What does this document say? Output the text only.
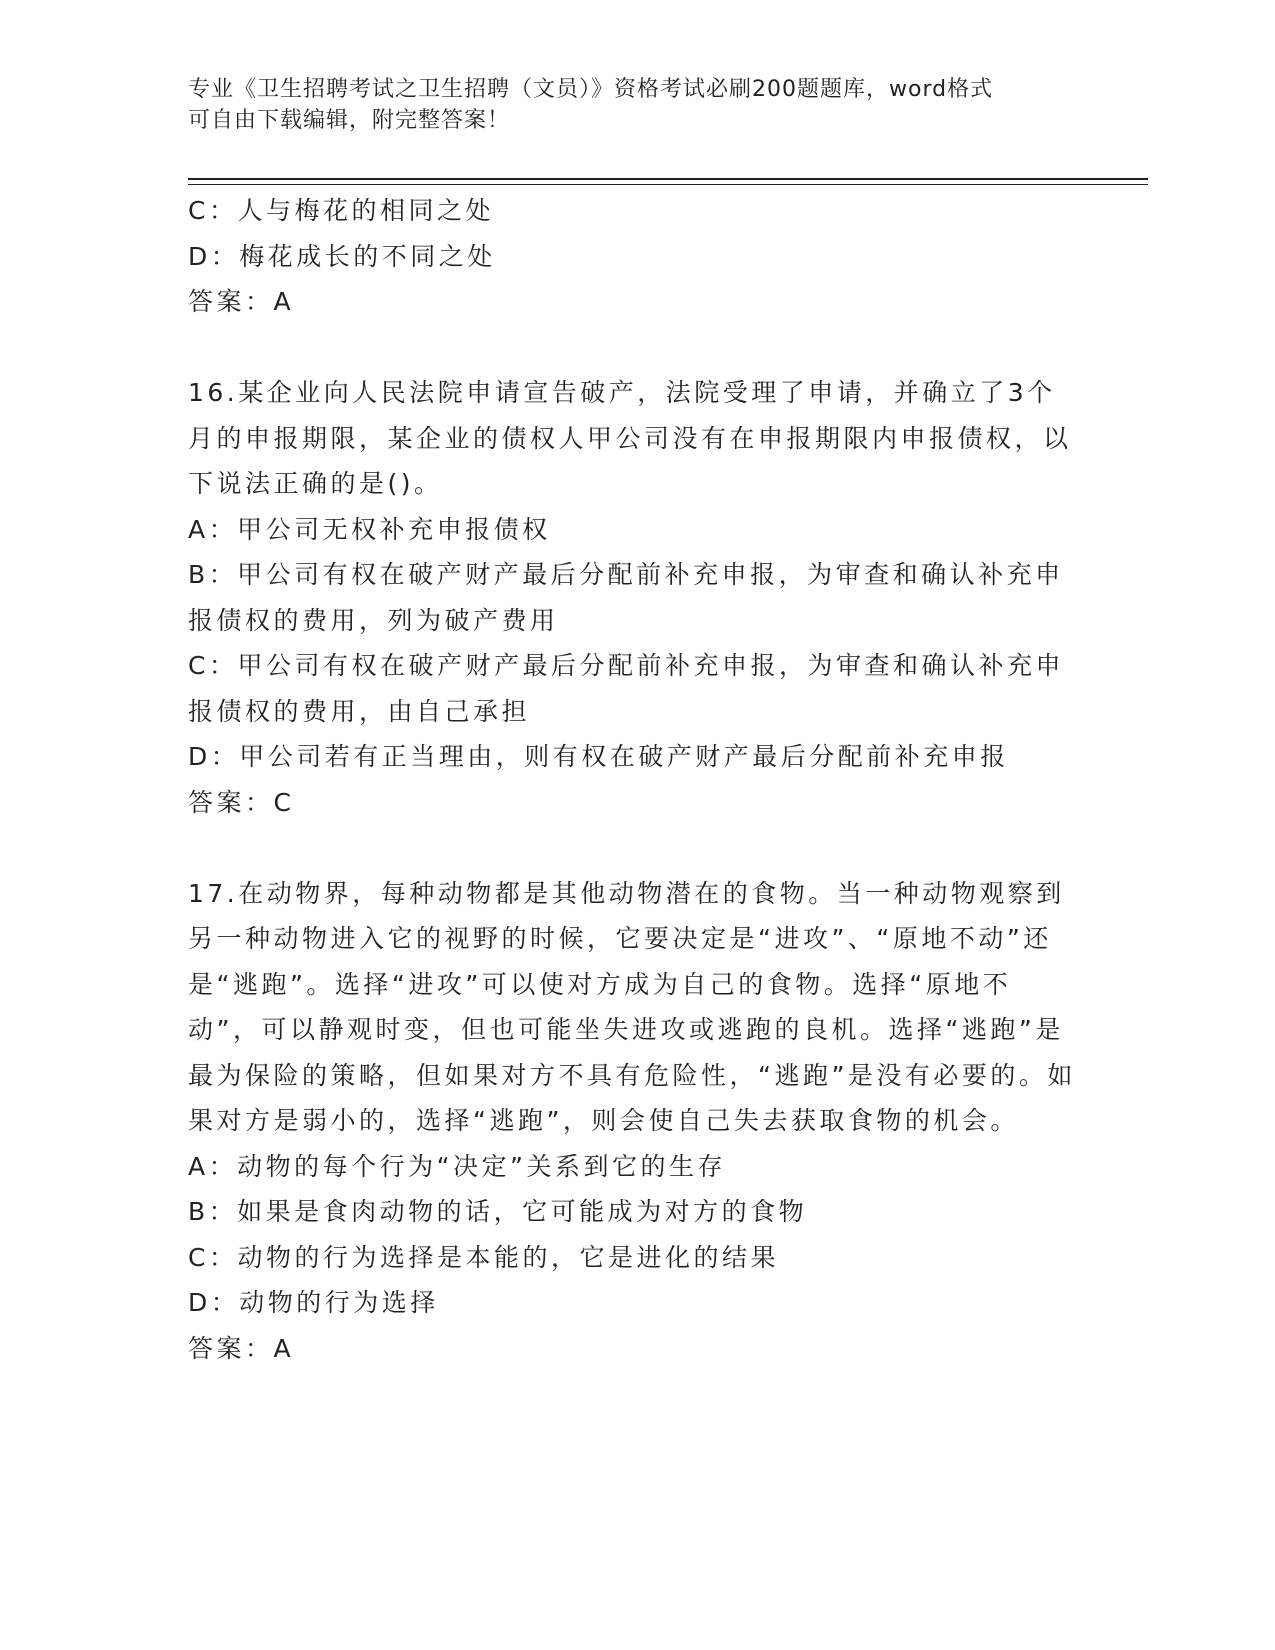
专业《卫生招聘考试之卫生招聘（文员）》资格考试必刷200题题库，word格式
可自由下载编辑，附完整答案！

C：人与梅花的相同之处

D：梅花成长的不同之处

答案：A

16.某企业向人民法院申请宣告破产，法院受理了申请，并确立了3个月的申报期限，某企业的债权人甲公司没有在申报期限内申报债权，以下说法正确的是()。

A：甲公司无权补充申报债权

B：甲公司有权在破产财产最后分配前补充申报，为审查和确认补充申报债权的费用，列为破产费用

C：甲公司有权在破产财产最后分配前补充申报，为审查和确认补充申报债权的费用，由自己承担

D：甲公司若有正当理由，则有权在破产财产最后分配前补充申报

答案：C

17.在动物界，每种动物都是其他动物潜在的食物。当一种动物观察到另一种动物进入它的视野的时候，它要决定是“进攻”、“原地不动”还是“逃跑”。选择“进攻”可以使对方成为自己的食物。选择“原地不动”，可以静观时变，但也可能坐失进攻或逃跑的良机。选择“逃跑”是最为保险的策略，但如果对方不具有危险性，“逃跑”是没有必要的。如果对方是弱小的，选择“逃跑”，则会使自己失去获取食物的机会。

A：动物的每个行为“决定”关系到它的生存

B：如果是食肉动物的话，它可能成为对方的食物

C：动物的行为选择是本能的，它是进化的结果

D：动物的行为选择

答案：A
